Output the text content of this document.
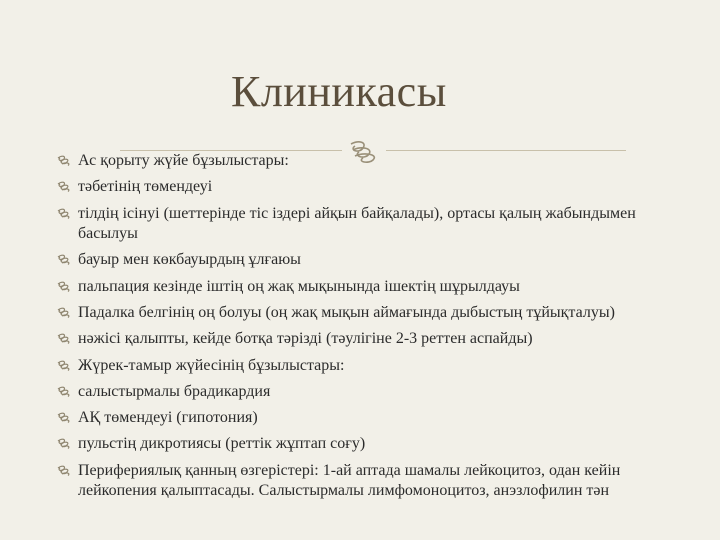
Клиникасы
Ас қорыту жүйе бұзылыстары:
тәбетінің төмендеуі
тілдің ісінуі (шеттерінде тіс іздері айқын байқалады), ортасы қалың жабындымен басылуы
бауыр мен көкбауырдың ұлғаюы
пальпация кезінде іштің оң жақ мықынында ішектің шұрылдауы
Падалка белгінің оң болуы (оң жақ мықын аймағында дыбыстың тұйықталуы)
нәжісі қалыпты, кейде ботқа тәрізді (тәулігіне 2-3 реттен аспайды)
Жүрек-тамыр жүйесінің бұзылыстары:
салыстырмалы брадикардия
АҚ төмендеуі (гипотония)
пульстің дикротиясы (реттік жұптап соғу)
Перифериялық қанның өзгерістері: 1-ай аптада шамалы лейкоцитоз, одан кейін лейкопения қалыптасады. Салыстырмалы лимфомоноцитоз, анэзлофилин тән
